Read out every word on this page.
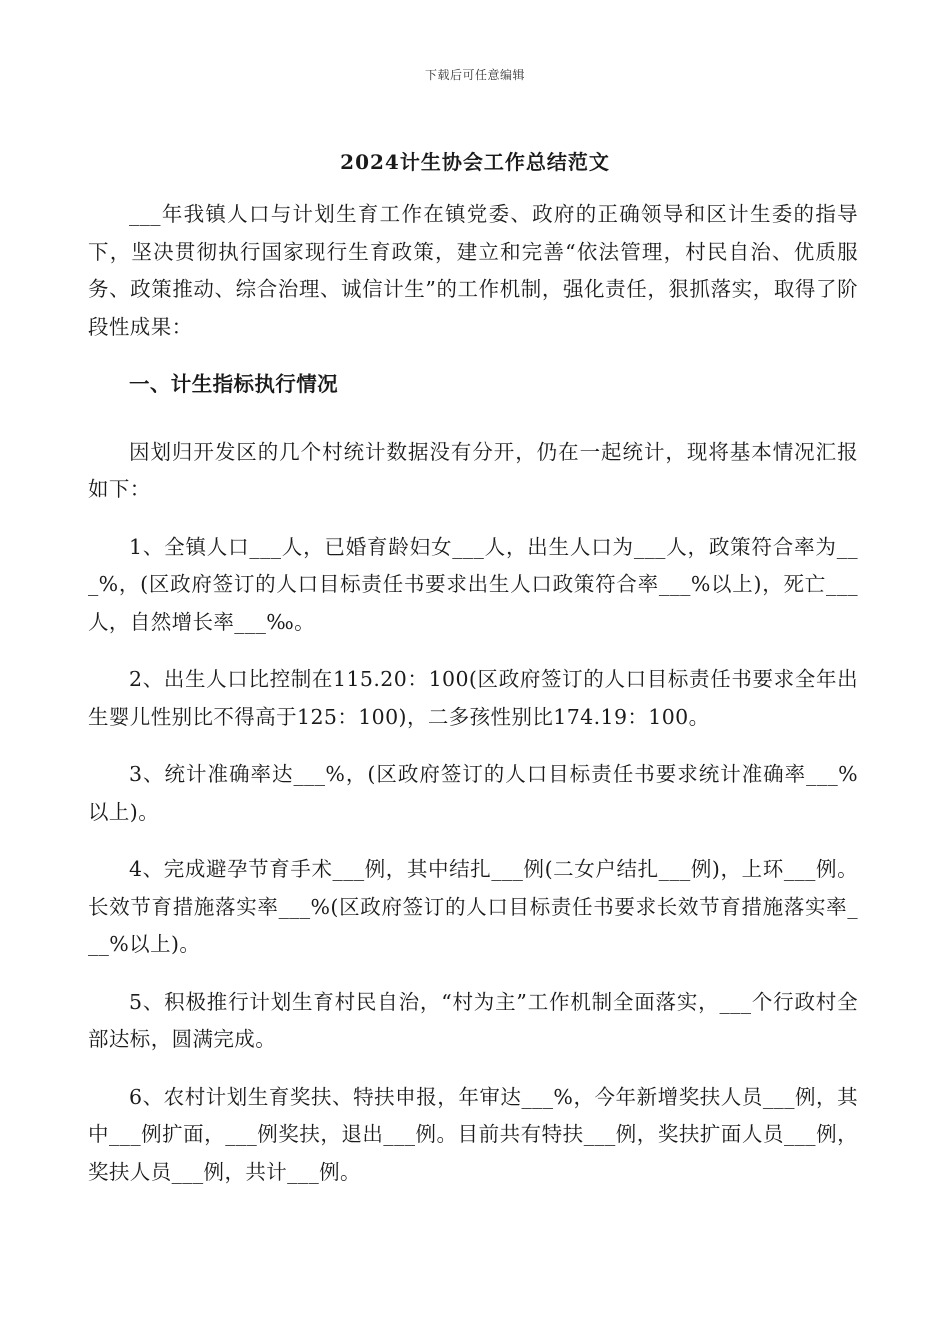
下载后可任意编辑
2024计生协会工作总结范文

___年我镇人口与计划生育工作在镇党委、政府的正确领导和区计生委的指导下，坚决贯彻执行国家现行生育政策，建立和完善“依法管理，村民自治、优质服务、政策推动、综合治理、诚信计生”的工作机制，强化责任，狠抓落实，取得了阶段性成果：

一、计生指标执行情况

因划归开发区的几个村统计数据没有分开，仍在一起统计，现将基本情况汇报如下：

1、全镇人口___人，已婚育龄妇女___人，出生人口为___人，政策符合率为___%，(区政府签订的人口目标责任书要求出生人口政策符合率___%以上)，死亡___人，自然增长率___‰。

2、出生人口比控制在115.20：100(区政府签订的人口目标责任书要求全年出生婴儿性别比不得高于125：100)，二多孩性别比174.19：100。

3、统计准确率达___%，(区政府签订的人口目标责任书要求统计准确率___%以上)。

4、完成避孕节育手术___例，其中结扎___例(二女户结扎___例)，上环___例。长效节育措施落实率___%(区政府签订的人口目标责任书要求长效节育措施落实率___%以上)。

5、积极推行计划生育村民自治，“村为主”工作机制全面落实，___个行政村全部达标，圆满完成。

6、农村计划生育奖扶、特扶申报，年审达___%，今年新增奖扶人员___例，其中___例扩面，___例奖扶，退出___例。目前共有特扶___例，奖扶扩面人员___例，奖扶人员___例，共计___例。
